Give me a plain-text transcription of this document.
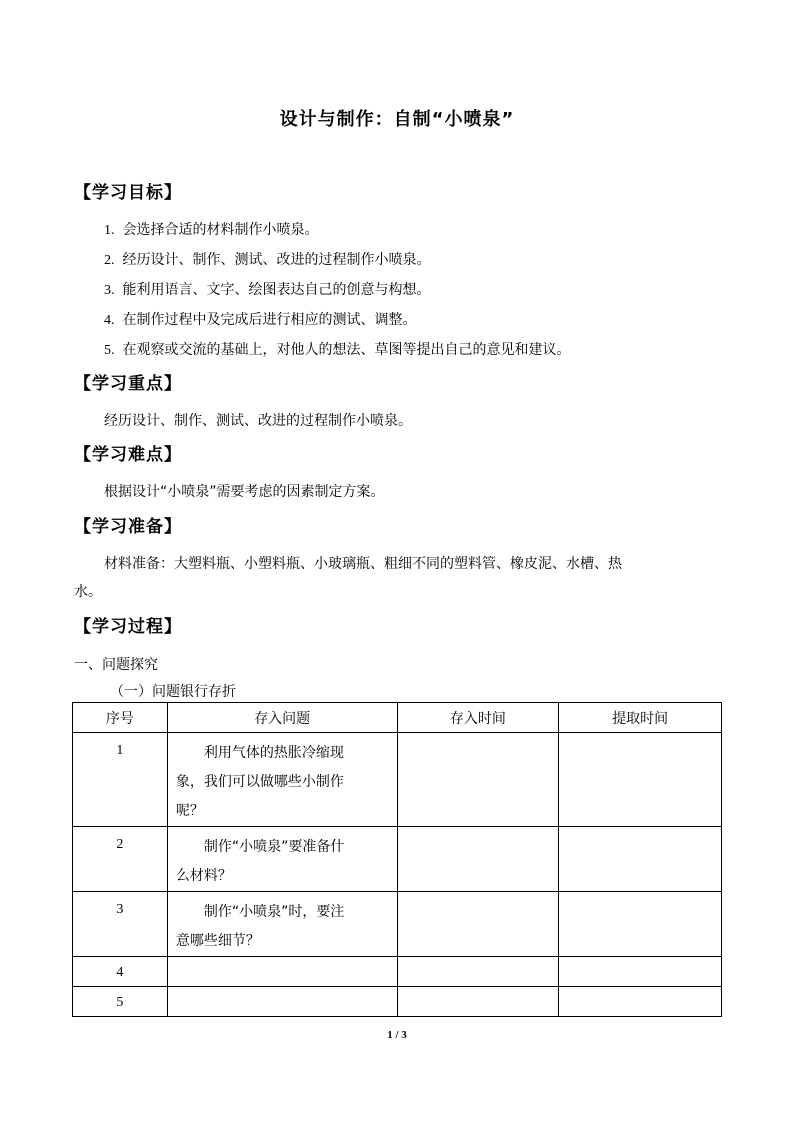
设计与制作：自制“小喷泉”
【学习目标】
1. 会选择合适的材料制作小喷泉。
2. 经历设计、制作、测试、改进的过程制作小喷泉。
3. 能利用语言、文字、绘图表达自己的创意与构想。
4. 在制作过程中及完成后进行相应的测试、调整。
5. 在观察或交流的基础上，对他人的想法、草图等提出自己的意见和建议。
【学习重点】
经历设计、制作、测试、改进的过程制作小喷泉。
【学习难点】
根据设计“小喷泉”需要考虑的因素制定方案。
【学习准备】
材料准备：大塑料瓶、小塑料瓶、小玻璃瓶、粗细不同的塑料管、橡皮泥、水槽、热
水。
【学习过程】
一、问题探究
（一）问题银行存折
序号	存入问题	存入时间	提取时间
1	利用气体的热胀冷缩现
象，我们可以做哪些小制作
呢？		
2	制作“小喷泉”要准备什
么材料？		
3	制作“小喷泉”时，要注
意哪些细节？		
4			
5			
1 / 3
